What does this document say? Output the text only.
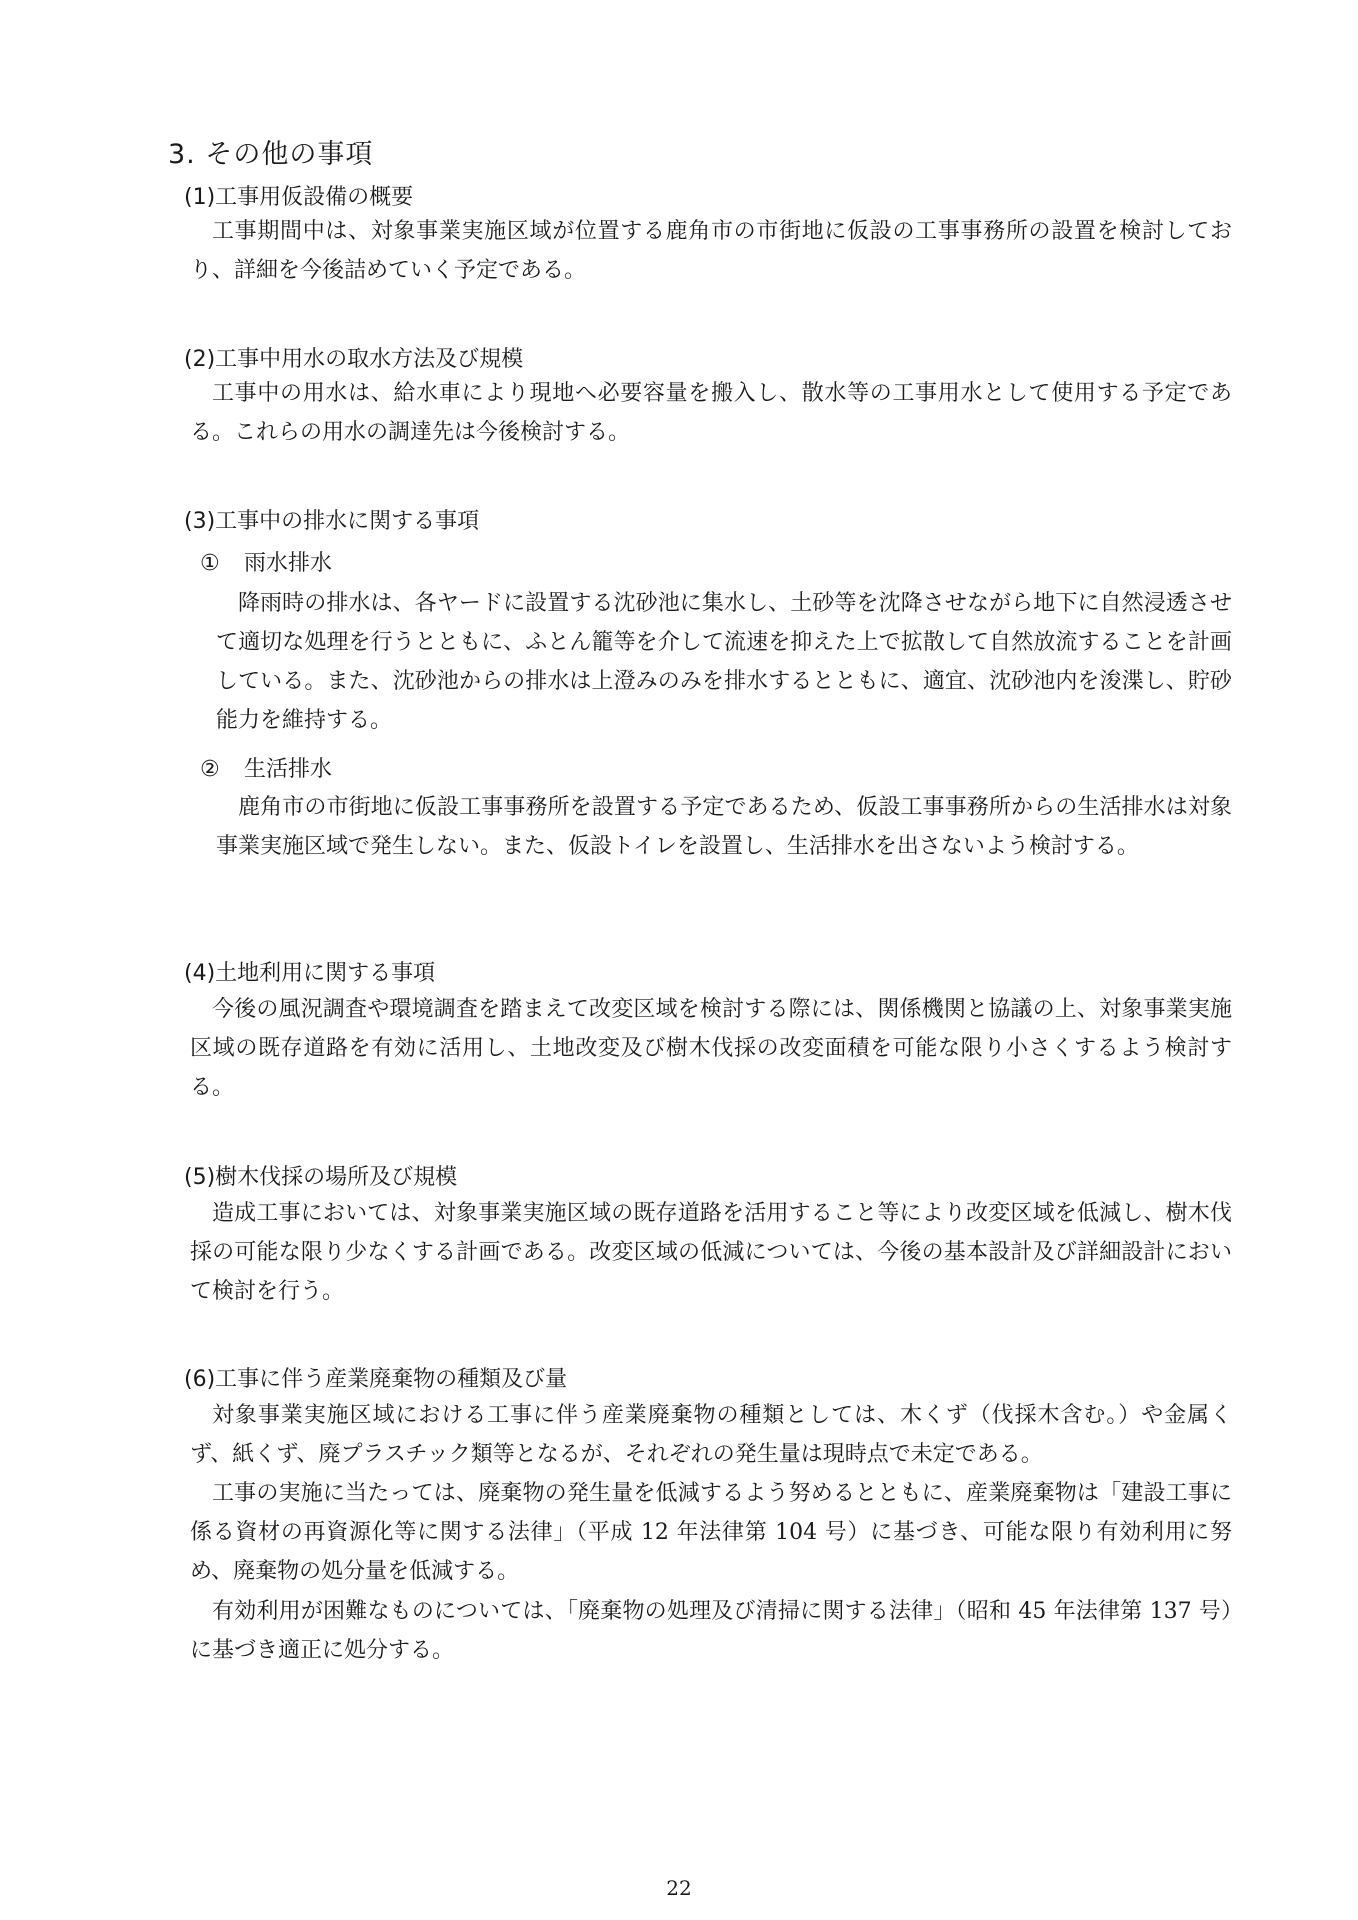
3. その他の事項
(1)工事用仮設備の概要

工事期間中は、対象事業実施区域が位置する鹿角市の市街地に仮設の工事事務所の設置を検討しており、詳細を今後詰めていく予定である。

(2)工事中用水の取水方法及び規模

工事中の用水は、給水車により現地へ必要容量を搬入し、散水等の工事用水として使用する予定である。これらの用水の調達先は今後検討する。

(3)工事中の排水に関する事項
① 雨水排水

降雨時の排水は、各ヤードに設置する沈砂池に集水し、土砂等を沈降させながら地下に自然浸透させて適切な処理を行うとともに、ふとん籠等を介して流速を抑えた上で拡散して自然放流することを計画している。また、沈砂池からの排水は上澄みのみを排水するとともに、適宜、沈砂池内を浚渫し、貯砂能力を維持する。

② 生活排水

鹿角市の市街地に仮設工事事務所を設置する予定であるため、仮設工事事務所からの生活排水は対象事業実施区域で発生しない。また、仮設トイレを設置し、生活排水を出さないよう検討する。

(4)土地利用に関する事項

今後の風況調査や環境調査を踏まえて改変区域を検討する際には、関係機関と協議の上、対象事業実施区域の既存道路を有効に活用し、土地改変及び樹木伐採の改変面積を可能な限り小さくするよう検討する。

(5)樹木伐採の場所及び規模

造成工事においては、対象事業実施区域の既存道路を活用すること等により改変区域を低減し、樹木伐採の可能な限り少なくする計画である。改変区域の低減については、今後の基本設計及び詳細設計において検討を行う。

(6)工事に伴う産業廃棄物の種類及び量

対象事業実施区域における工事に伴う産業廃棄物の種類としては、木くず（伐採木含む。）や金属くず、紙くず、廃プラスチック類等となるが、それぞれの発生量は現時点で未定である。

工事の実施に当たっては、廃棄物の発生量を低減するよう努めるとともに、産業廃棄物は「建設工事に係る資材の再資源化等に関する法律」（平成 12 年法律第 104 号）に基づき、可能な限り有効利用に努め、廃棄物の処分量を低減する。

有効利用が困難なものについては、「廃棄物の処理及び清掃に関する法律」（昭和 45 年法律第 137 号）に基づき適正に処分する。

22
